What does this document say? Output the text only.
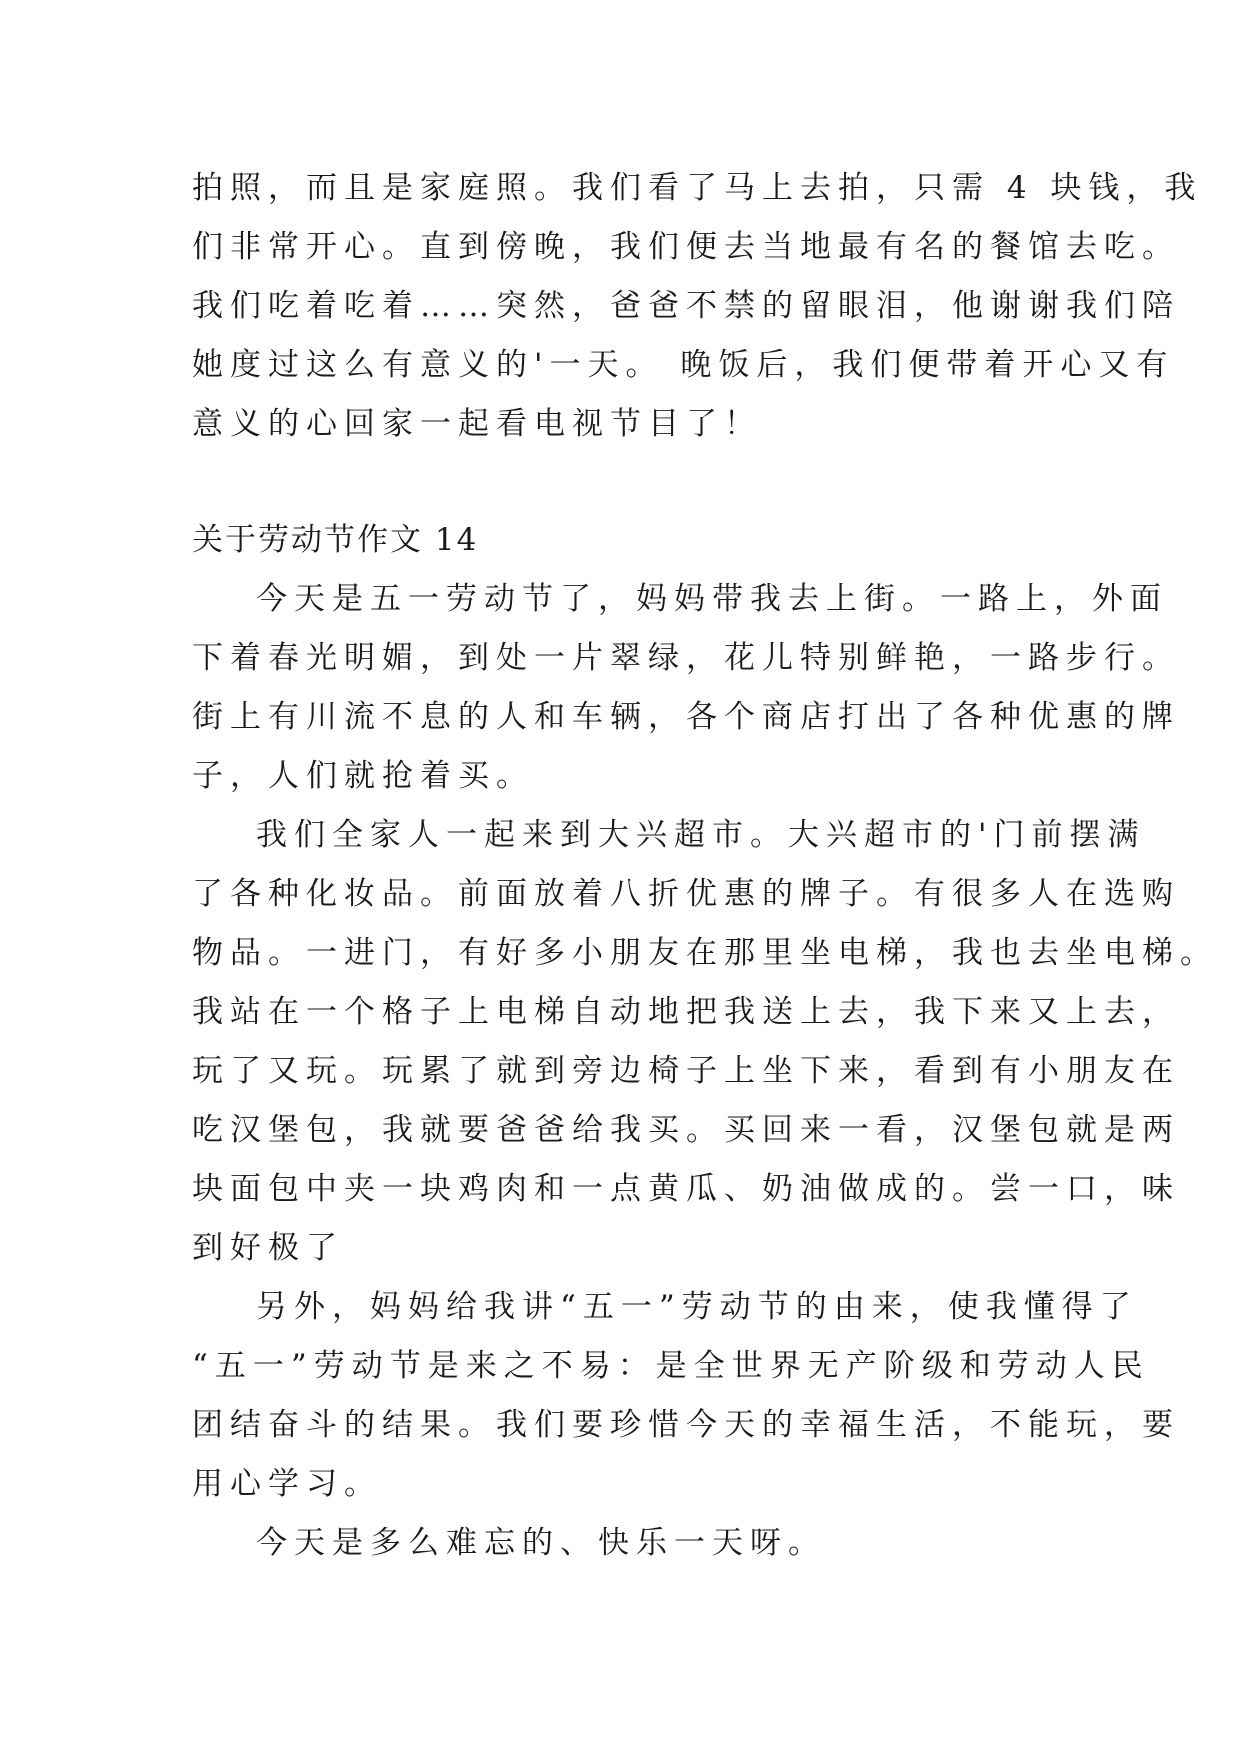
拍照，而且是家庭照。我们看了马上去拍，只需 4 块钱，我
们非常开心。直到傍晚，我们便去当地最有名的餐馆去吃。
我们吃着吃着……突然，爸爸不禁的留眼泪，他谢谢我们陪
她度过这么有意义的'一天。 晚饭后，我们便带着开心又有
意义的心回家一起看电视节目了！
关于劳动节作文 14
今天是五一劳动节了，妈妈带我去上街。一路上，外面
下着春光明媚，到处一片翠绿，花儿特别鲜艳，一路步行。
街上有川流不息的人和车辆，各个商店打出了各种优惠的牌
子，人们就抢着买。
我们全家人一起来到大兴超市。大兴超市的'门前摆满
了各种化妆品。前面放着八折优惠的牌子。有很多人在选购
物品。一进门，有好多小朋友在那里坐电梯，我也去坐电梯。
我站在一个格子上电梯自动地把我送上去，我下来又上去，
玩了又玩。玩累了就到旁边椅子上坐下来，看到有小朋友在
吃汉堡包，我就要爸爸给我买。买回来一看，汉堡包就是两
块面包中夹一块鸡肉和一点黄瓜、奶油做成的。尝一口，味
到好极了
另外，妈妈给我讲“五一”劳动节的由来，使我懂得了
“五一”劳动节是来之不易：是全世界无产阶级和劳动人民
团结奋斗的结果。我们要珍惜今天的幸福生活，不能玩，要
用心学习。
今天是多么难忘的、快乐一天呀。
